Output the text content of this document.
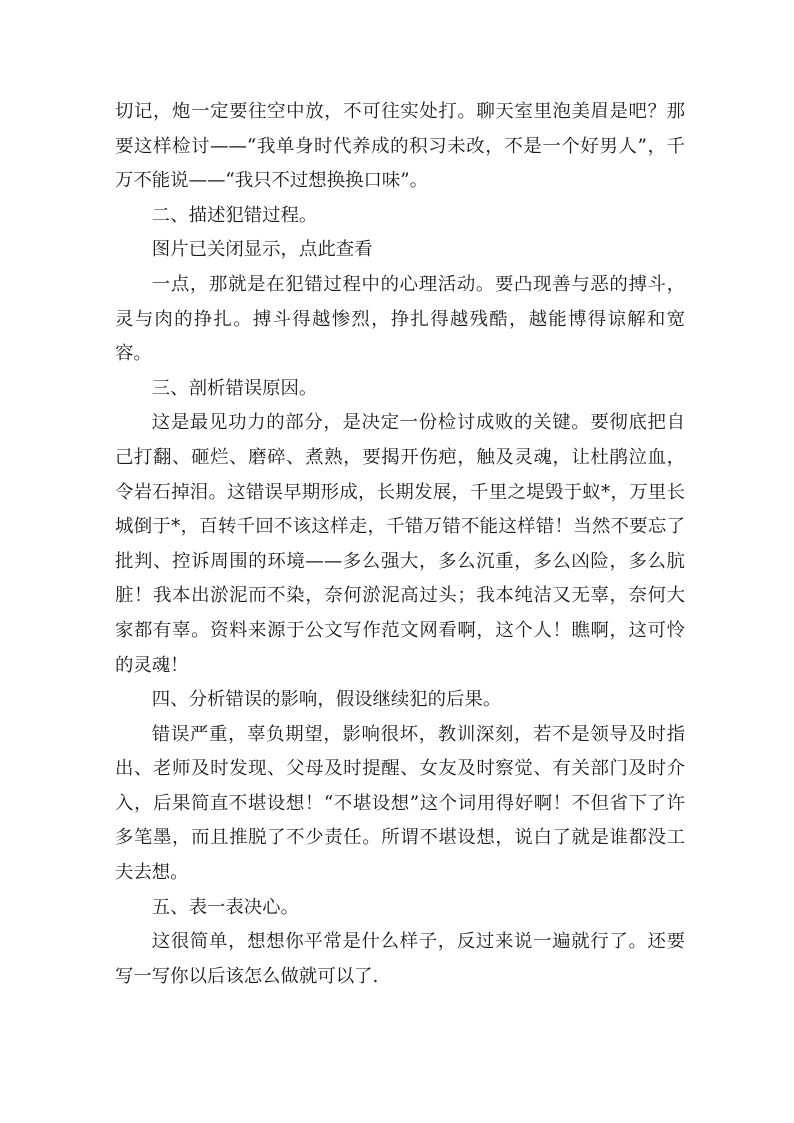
切记，炮一定要往空中放，不可往实处打。聊天室里泡美眉是吧？那要这样检讨——“我单身时代养成的积习未改，不是一个好男人”，千万不能说——“我只不过想换换口味”。

二、描述犯错过程。

图片已关闭显示，点此查看

一点，那就是在犯错过程中的心理活动。要凸现善与恶的搏斗，灵与肉的挣扎。搏斗得越惨烈，挣扎得越残酷，越能博得谅解和宽容。

三、剖析错误原因。

这是最见功力的部分，是决定一份检讨成败的关键。要彻底把自己打翻、砸烂、磨碎、煮熟，要揭开伤疤，触及灵魂，让杜鹃泣血，令岩石掉泪。这错误早期形成，长期发展，千里之堤毁于蚁*，万里长城倒于*，百转千回不该这样走，千错万错不能这样错！当然不要忘了批判、控诉周围的环境——多么强大，多么沉重，多么凶险，多么肮脏！我本出淤泥而不染，奈何淤泥高过头；我本纯洁又无辜，奈何大家都有辜。资料来源于公文写作范文网看啊，这个人！瞧啊，这可怜的灵魂！

四、分析错误的影响，假设继续犯的后果。

错误严重，辜负期望，影响很坏，教训深刻，若不是领导及时指出、老师及时发现、父母及时提醒、女友及时察觉、有关部门及时介入，后果简直不堪设想！“不堪设想”这个词用得好啊！不但省下了许多笔墨，而且推脱了不少责任。所谓不堪设想，说白了就是谁都没工夫去想。

五、表一表决心。

这很简单，想想你平常是什么样子，反过来说一遍就行了。还要写一写你以后该怎么做就可以了.
